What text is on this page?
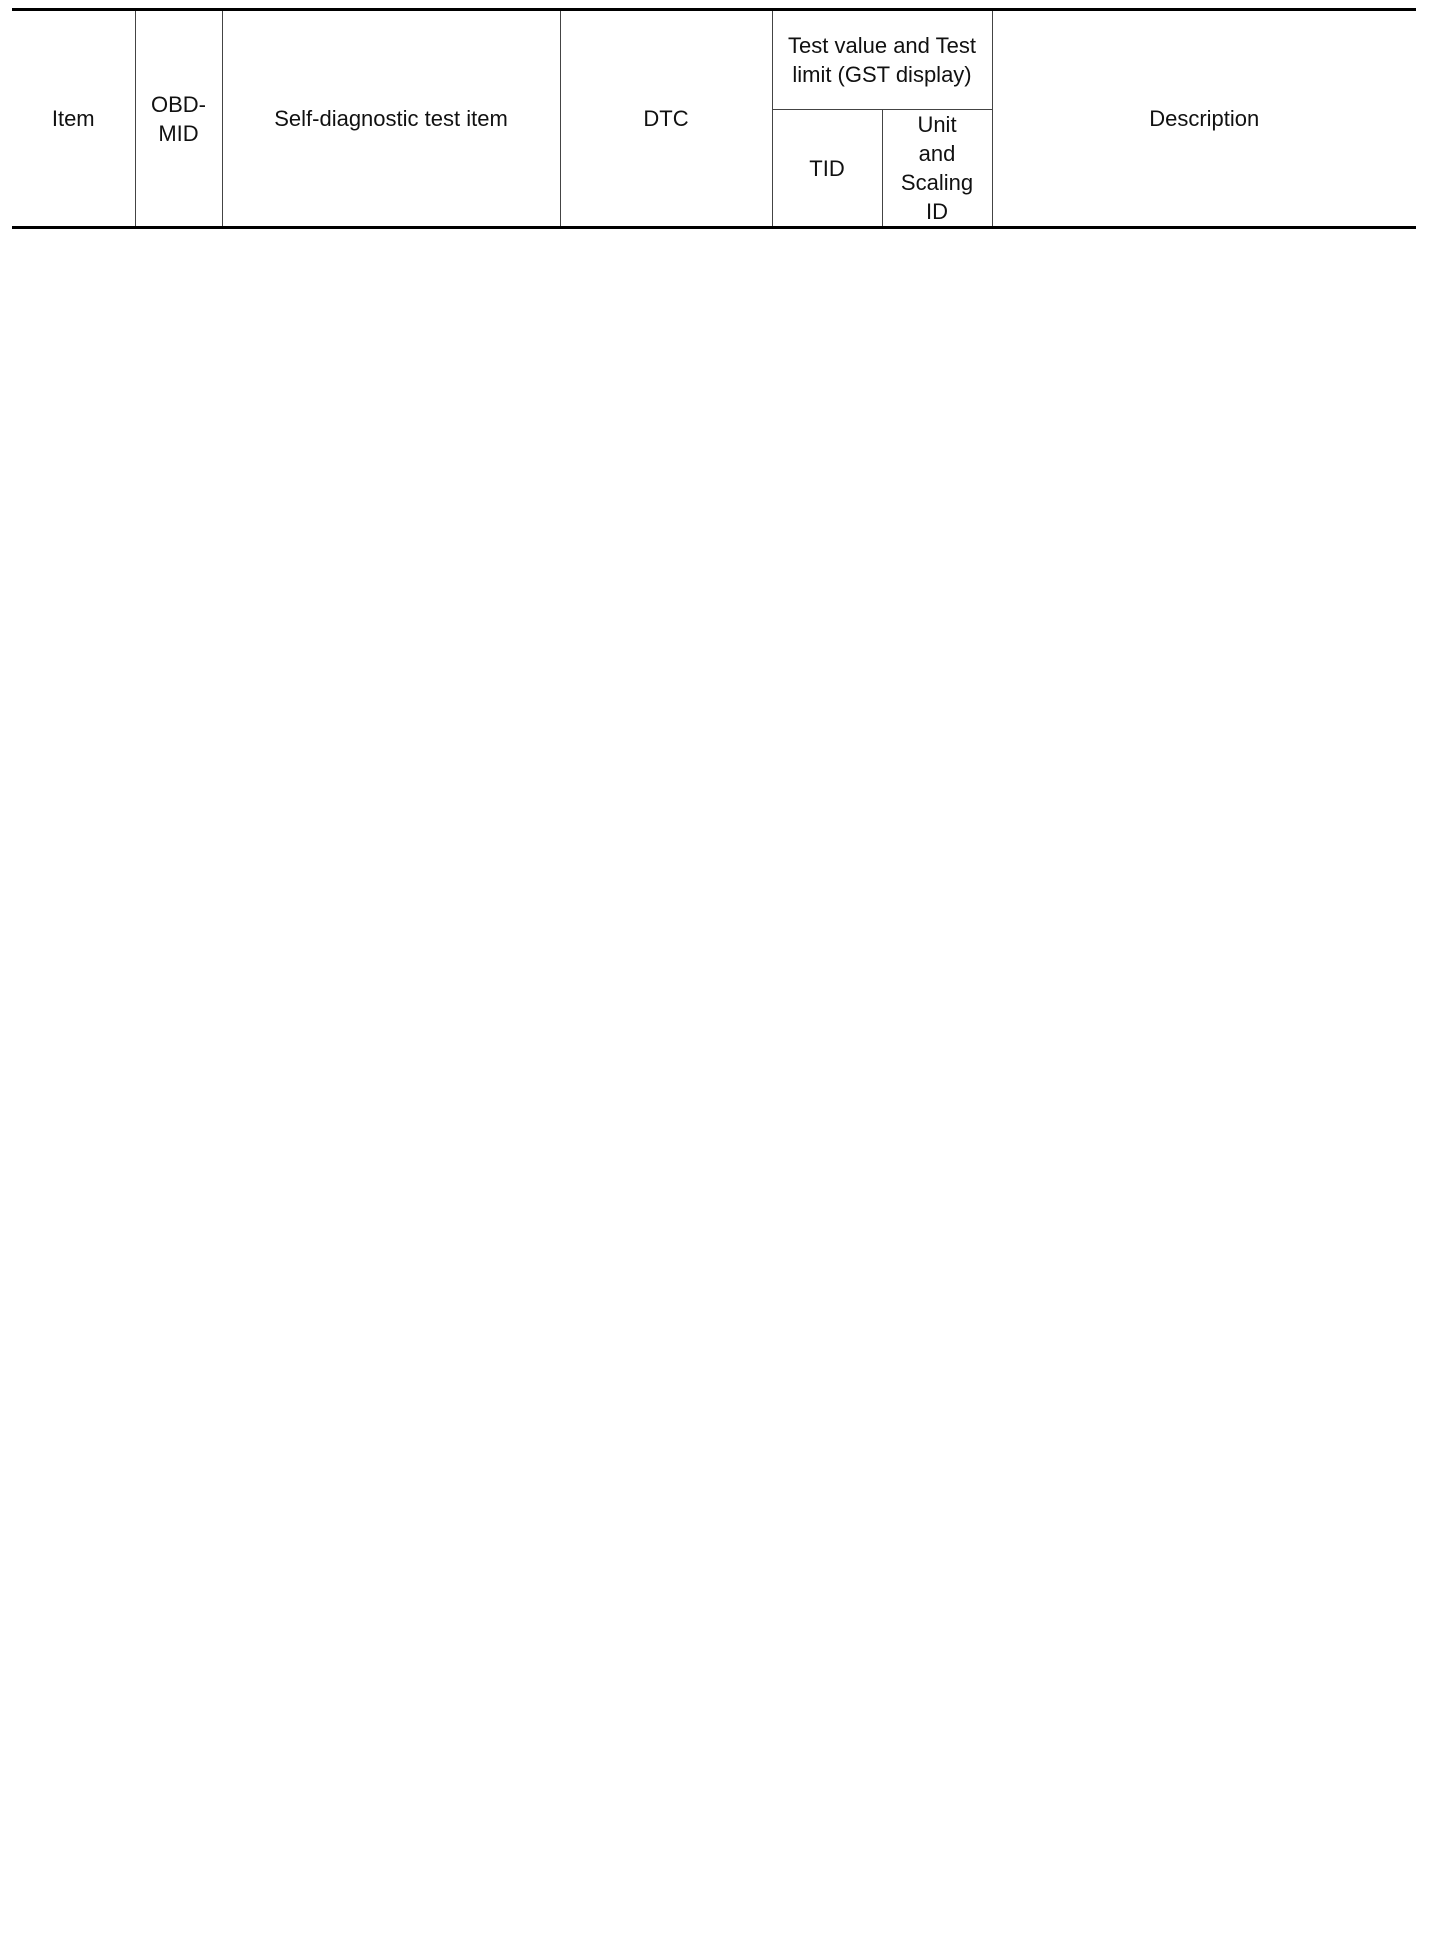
Item	OBD-MID	Self-diagnostic test item	DTC	Test value and Test limit (GST display)		Description
				TID	Unit and Scaling ID	
